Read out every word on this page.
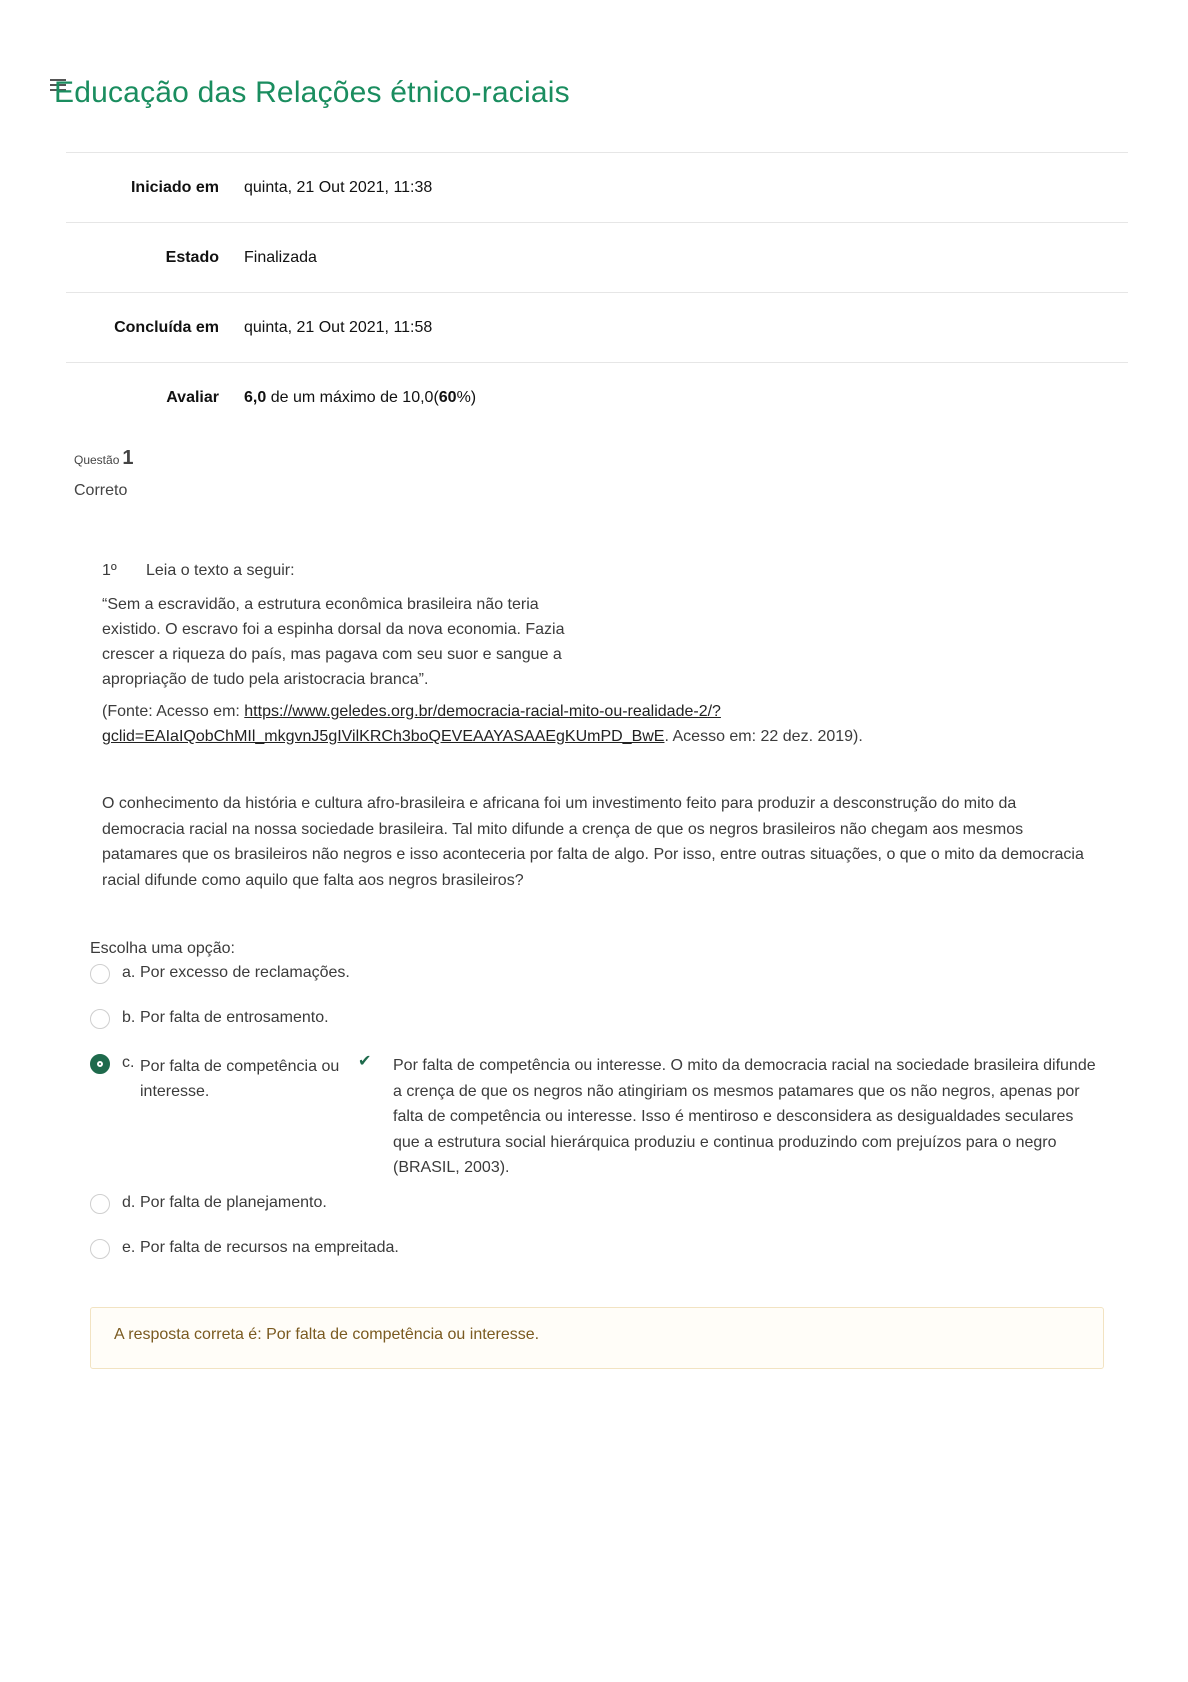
Educação das Relações étnico-raciais
Iniciado em quinta, 21 Out 2021, 11:38
Estado Finalizada
Concluída em quinta, 21 Out 2021, 11:58
Avaliar 6,0 de um máximo de 10,0(60%)
Questão 1
Correto
1º	Leia o texto a seguir:
“Sem a escravidão, a estrutura econômica brasileira não teria existido. O escravo foi a espinha dorsal da nova economia. Fazia crescer a riqueza do país, mas pagava com seu suor e sangue a apropriação de tudo pela aristocracia branca”.
(Fonte: Acesso em: https://www.geledes.org.br/democracia-racial-mito-ou-realidade-2/?gclid=EAIaIQobChMIl_mkgvnJ5gIVilKRCh3boQEVEAAYASAAEgKUmPD_BwE. Acesso em: 22 dez. 2019).
O conhecimento da história e cultura afro-brasileira e africana foi um investimento feito para produzir a desconstrução do mito da democracia racial na nossa sociedade brasileira. Tal mito difunde a crença de que os negros brasileiros não chegam aos mesmos patamares que os brasileiros não negros e isso aconteceria por falta de algo. Por isso, entre outras situações, o que o mito da democracia racial difunde como aquilo que falta aos negros brasileiros?
Escolha uma opção:
a. Por excesso de reclamações.
b. Por falta de entrosamento.
c. Por falta de competência ou interesse.
✔ Por falta de competência ou interesse. O mito da democracia racial na sociedade brasileira difunde a crença de que os negros não atingiriam os mesmos patamares que os não negros, apenas por falta de competência ou interesse. Isso é mentiroso e desconsidera as desigualdades seculares que a estrutura social hierárquica produziu e continua produzindo com prejuízos para o negro (BRASIL, 2003).
d. Por falta de planejamento.
e. Por falta de recursos na empreitada.
A resposta correta é: Por falta de competência ou interesse.
